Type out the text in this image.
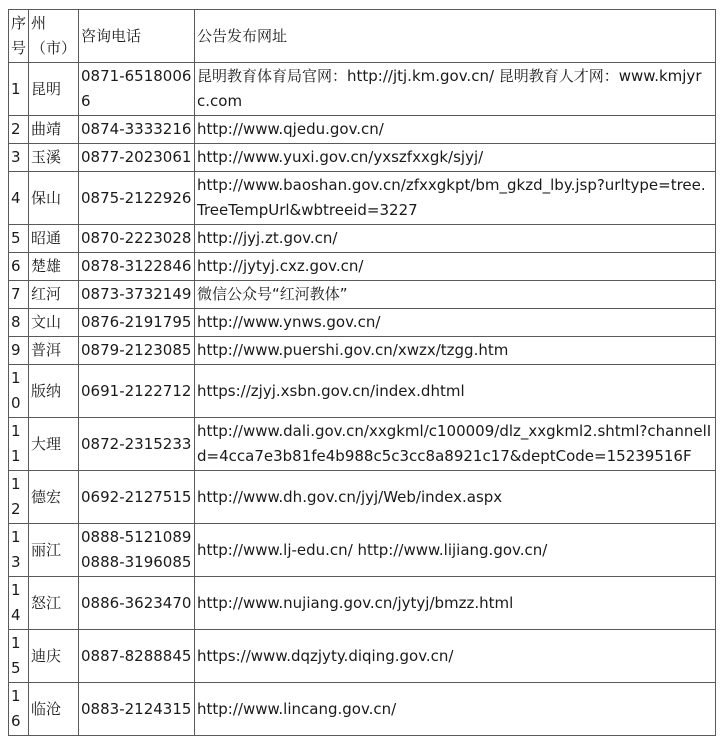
序号	州（市）	咨询电话	公告发布网址
1	昆明	0871-65180066	昆明教育体育局官网：http://jtj.km.gov.cn/ 昆明教育人才网：www.kmjyrc.com
2	曲靖	0874-3333216	http://www.qjedu.gov.cn/
3	玉溪	0877-2023061	http://www.yuxi.gov.cn/yxszfxxgk/sjyj/
4	保山	0875-2122926	http://www.baoshan.gov.cn/zfxxgkpt/bm_gkzd_lby.jsp?urltype=tree.TreeTempUrl&wbtreeid=3227
5	昭通	0870-2223028	http://jyj.zt.gov.cn/
6	楚雄	0878-3122846	http://jytyj.cxz.gov.cn/
7	红河	0873-3732149	微信公众号“红河教体”
8	文山	0876-2191795	http://www.ynws.gov.cn/
9	普洱	0879-2123085	http://www.puershi.gov.cn/xwzx/tzgg.htm
10	版纳	0691-2122712	https://zjyj.xsbn.gov.cn/index.dhtml
11	大理	0872-2315233	http://www.dali.gov.cn/xxgkml/c100009/dlz_xxgkml2.shtml?channelId=4cca7e3b81fe4b988c5c3cc8a8921c17&deptCode=15239516F
12	德宏	0692-2127515	http://www.dh.gov.cn/jyj/Web/index.aspx
13	丽江	0888-5121089 0888-3196085	http://www.lj-edu.cn/ http://www.lijiang.gov.cn/
14	怒江	0886-3623470	http://www.nujiang.gov.cn/jytyj/bmzz.html
15	迪庆	0887-8288845	https://www.dqzjyty.diqing.gov.cn/
16	临沧	0883-2124315	http://www.lincang.gov.cn/
